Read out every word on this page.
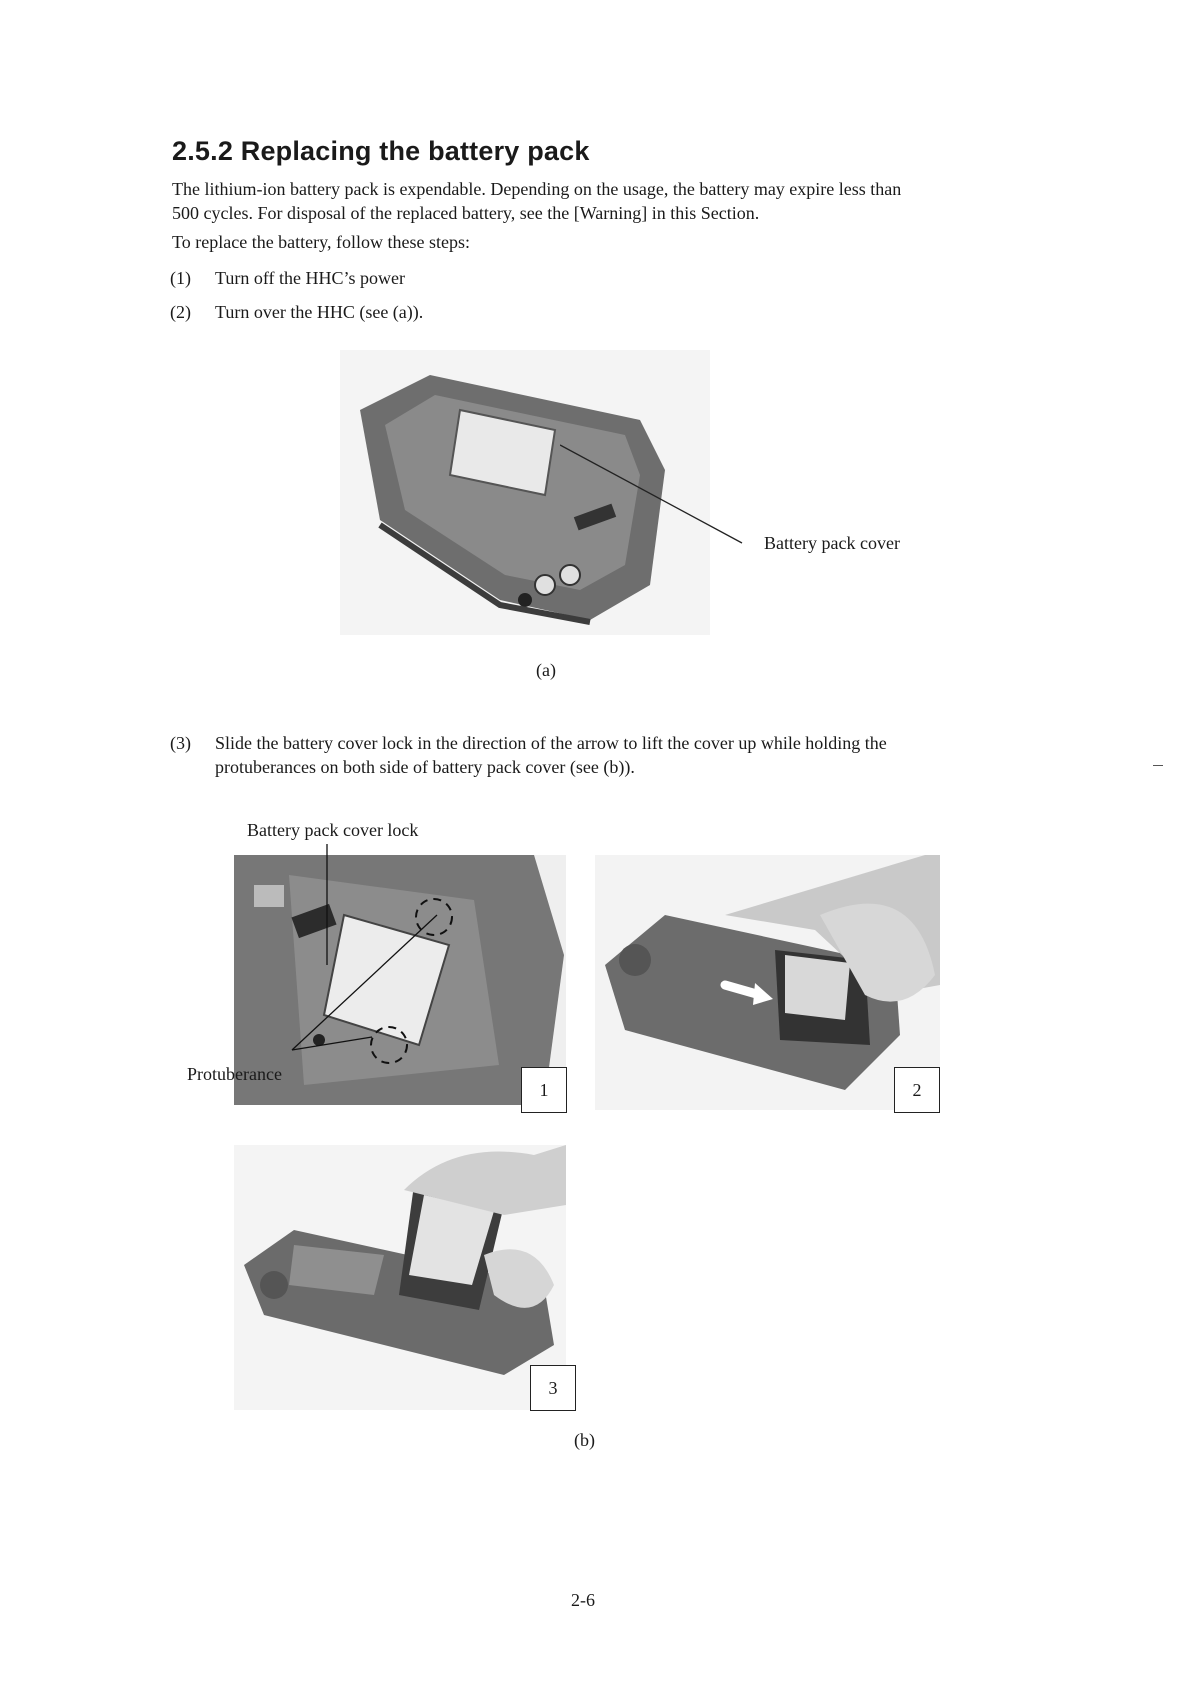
2.5.2 Replacing the battery pack
The lithium-ion battery pack is expendable. Depending on the usage, the battery may expire less than
500 cycles. For disposal of the replaced battery, see the [Warning] in this Section.
To replace the battery, follow these steps:
(1)	Turn off the HHC’s power
(2)	Turn over the HHC (see (a)).
Battery pack cover
(a)
(3)	Slide the battery cover lock in the direction of the arrow to lift the cover up while holding the
protuberances on both side of battery pack cover (see (b)).
Battery pack cover lock
Protuberance
1	2
3
(b)
2-6
